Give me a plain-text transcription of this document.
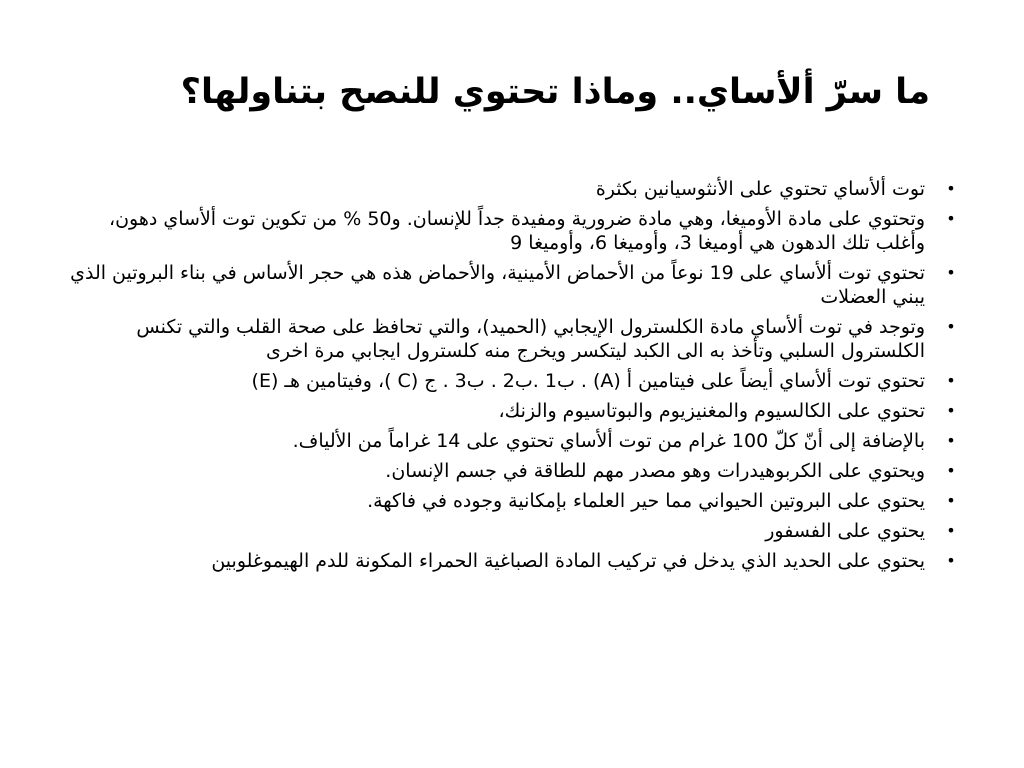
ما سرّ ألأساي.. وماذا تحتوي للنصح بتناولها؟
•
توت ألأساي تحتوي على الأنثوسيانين بكثرة
•
وتحتوي على مادة الأوميغا، وهي مادة ضرورية ومفيدة جداً للإنسان. و50 % من تكوين توت ألأساي دهون، وأغلب تلك الدهون هي أوميغا 3، وأوميغا 6، وأوميغا 9
•
تحتوي توت ألأساي على 19 نوعاً من الأحماض الأمينية، والأحماض هذه هي حجر الأساس في بناء البروتين الذي يبني العضلات
•
وتوجد في توت ألأساي مادة الكلسترول الإيجابي (الحميد)، والتي تحافظ على صحة القلب والتي تكنس الكلسترول السلبي وتأخذ به الى الكبد ليتكسر ويخرج منه كلسترول ايجابي مرة اخرى
•
تحتوي توت ألأساي أيضاً على فيتامين أ (A) . ب1 .ب2 . ب3 . ج (C )، وفيتامين هـ (E)
•
تحتوي على الكالسيوم والمغنيزيوم والبوتاسيوم والزنك،
•
بالإضافة إلى أنّ كلّ 100 غرام من توت ألأساي تحتوي على 14 غراماً من الألياف.
•
ويحتوي على الكربوهيدرات وهو مصدر مهم للطاقة في جسم الإنسان.
•
يحتوي على البروتين الحيواني مما حير العلماء بإمكانية وجوده في فاكهة.
•
يحتوي على الفسفور
•
يحتوي على الحديد الذي يدخل في تركيب المادة الصباغية الحمراء المكونة للدم الهيموغلوبين
